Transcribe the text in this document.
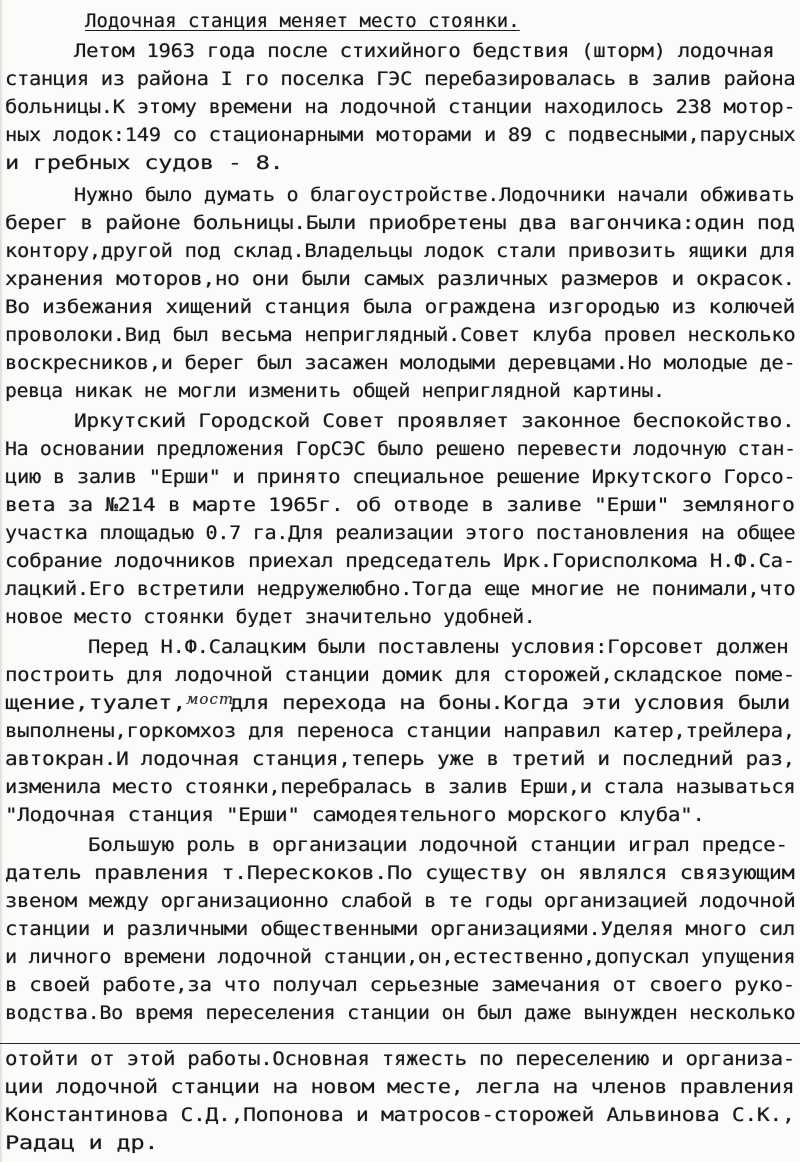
Лодочная станция меняет место стоянки.
Летом 1963 года после стихийного бедствия (шторм) лодочная
станция из района I го поселка ГЭС перебазировалась в залив района
больницы.К этому времени на лодочной станции находилось 238 мотор-
ных лодок:149 со стационарными моторами и 89 с подвесными,парусных
и гребных судов - 8.
Нужно было думать о благоустройстве.Лодочники начали обживать
берег в районе больницы.Были приобретены два вагончика:один под
контору,другой под склад.Владельцы лодок стали привозить ящики для
хранения моторов,но они были самых различных размеров и окрасок.
Во избежания хищений станция была ограждена изгородью из колючей
проволоки.Вид был весьма неприглядный.Совет клуба провел несколько
воскресников,и берег был засажен молодыми деревцами.Но молодые де-
ревца никак не могли изменить общей неприглядной картины.
Иркутский Городской Совет проявляет законное беспокойство.
На основании предложения ГорСЭС было решено перевести лодочную стан-
цию в залив "Ерши" и принято специальное решение Иркутского Горсо-
вета за №214 в марте 1965г. об отводе в заливе "Ерши" земляного
участка площадью 0.7 га.Для реализации этого постановления на общее
собрание лодочников приехал председатель Ирк.Горисполкома Н.Ф.Са-
лацкий.Его встретили недружелюбно.Тогда еще многие не понимали,что
новое место стоянки будет значительно удобней.
Перед Н.Ф.Салацким были поставлены условия:Горсовет должен
построить для лодочной станции домик для сторожей,складское поме-
щение,туалет, мост
для перехода на боны.Когда эти условия были
выполнены,горкомхоз для переноса станции направил катер,трейлера,
автокран.И лодочная станция,теперь уже в третий и последний раз,
изменила место стоянки,перебралась в залив Ерши,и стала называться
"Лодочная станция "Ерши" самодеятельного морского клуба".
Большую роль в организации лодочной станции играл предсе-
датель правления т.Перескоков.По существу он являлся связующим
звеном между организационно слабой в те годы организацией лодочной
станции и различными общественными организациями.Уделяя много сил
и личного времени лодочной станции,он,естественно,допускал упущения
в своей работе,за что получал серьезные замечания от своего руко-
водства.Во время переселения станции он был даже вынужден несколько
отойти от этой работы.Основная тяжесть по переселению и организа-
ции лодочной станции на новом месте, легла на членов правления
Константинова С.Д.,Попонова и матросов-сторожей Альвинова С.К.,
Радац и др.
